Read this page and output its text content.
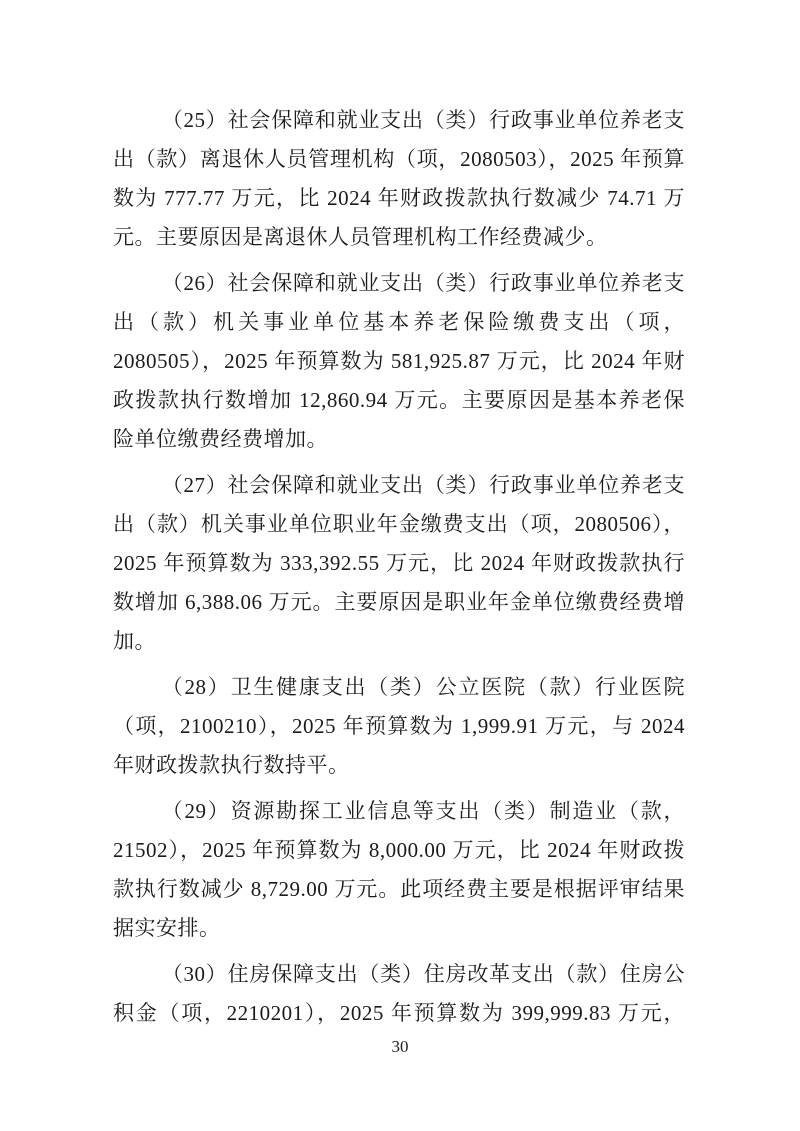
（25）社会保障和就业支出（类）行政事业单位养老支出（款）离退休人员管理机构（项，2080503），2025 年预算数为 777.77 万元，比 2024 年财政拨款执行数减少 74.71 万元。主要原因是离退休人员管理机构工作经费减少。

（26）社会保障和就业支出（类）行政事业单位养老支出（款）机关事业单位基本养老保险缴费支出（项，2080505），2025 年预算数为 581,925.87 万元，比 2024 年财政拨款执行数增加 12,860.94 万元。主要原因是基本养老保险单位缴费经费增加。

（27）社会保障和就业支出（类）行政事业单位养老支出（款）机关事业单位职业年金缴费支出（项，2080506），2025 年预算数为 333,392.55 万元，比 2024 年财政拨款执行数增加 6,388.06 万元。主要原因是职业年金单位缴费经费增加。

（28）卫生健康支出（类）公立医院（款）行业医院（项，2100210），2025 年预算数为 1,999.91 万元，与 2024 年财政拨款执行数持平。

（29）资源勘探工业信息等支出（类）制造业（款，21502），2025 年预算数为 8,000.00 万元，比 2024 年财政拨款执行数减少 8,729.00 万元。此项经费主要是根据评审结果据实安排。

（30）住房保障支出（类）住房改革支出（款）住房公积金（项，2210201），2025 年预算数为 399,999.83 万元，

30
